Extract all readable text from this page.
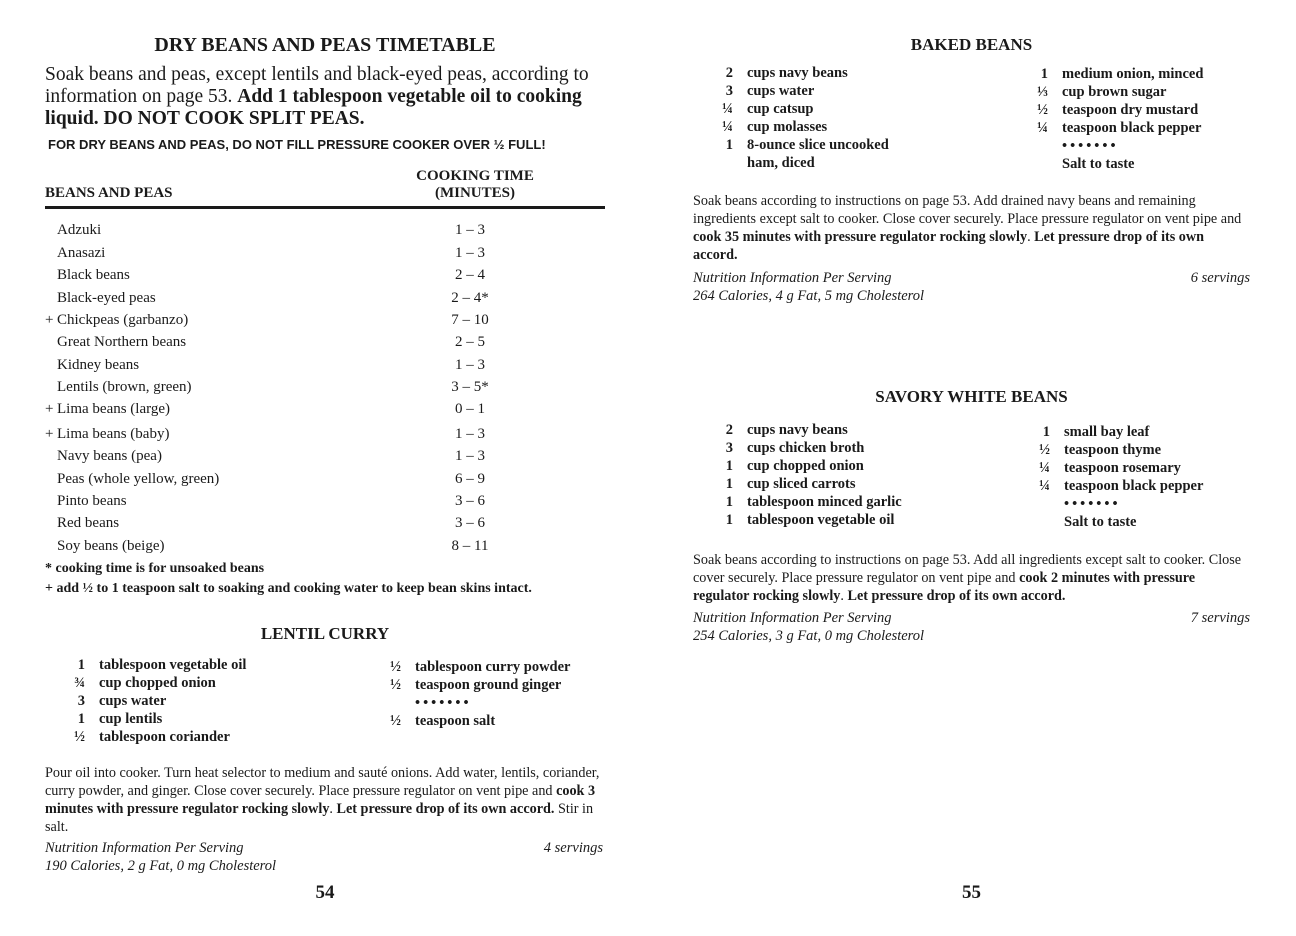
DRY BEANS AND PEAS TIMETABLE
Soak beans and peas, except lentils and black-eyed peas, according to information on page 53. Add 1 tablespoon vegetable oil to cooking liquid. DO NOT COOK SPLIT PEAS.
FOR DRY BEANS AND PEAS, DO NOT FILL PRESSURE COOKER OVER ½ FULL!
BEANS AND PEAS
COOKING TIME
(MINUTES)
Adzuki	1 – 3
Anasazi	1 – 3
Black beans	2 – 4
Black-eyed peas	2 – 4*
+ Chickpeas (garbanzo)	7 – 10
Great Northern beans	2 – 5
Kidney beans	1 – 3
Lentils (brown, green)	3 – 5*
+ Lima beans (large)	0 – 1
+ Lima beans (baby)	1 – 3
Navy beans (pea)	1 – 3
Peas (whole yellow, green)	6 – 9
Pinto beans	3 – 6
Red beans	3 – 6
Soy beans (beige)	8 – 11
* cooking time is for unsoaked beans
+ add ½ to 1 teaspoon salt to soaking and cooking water to keep bean skins intact.
LENTIL CURRY
1 tablespoon vegetable oil
¾ cup chopped onion
3 cups water
1 cup lentils
½ tablespoon coriander
½ tablespoon curry powder
½ teaspoon ground ginger
•••••••
½ teaspoon salt
Pour oil into cooker. Turn heat selector to medium and sauté onions. Add water, lentils, coriander, curry powder, and ginger. Close cover securely. Place pressure regulator on vent pipe and cook 3 minutes with pressure regulator rocking slowly. Let pressure drop of its own accord. Stir in salt.
Nutrition Information Per Serving	4 servings
190 Calories, 2 g Fat, 0 mg Cholesterol
54
BAKED BEANS
2 cups navy beans
3 cups water
¼ cup catsup
¼ cup molasses
1 8-ounce slice uncooked
ham, diced
1 medium onion, minced
⅓ cup brown sugar
½ teaspoon dry mustard
¼ teaspoon black pepper
•••••••
Salt to taste
Soak beans according to instructions on page 53. Add drained navy beans and remaining ingredients except salt to cooker. Close cover securely. Place pressure regulator on vent pipe and cook 35 minutes with pressure regulator rocking slowly. Let pressure drop of its own accord.
Nutrition Information Per Serving	6 servings
264 Calories, 4 g Fat, 5 mg Cholesterol
SAVORY WHITE BEANS
2 cups navy beans
3 cups chicken broth
1 cup chopped onion
1 cup sliced carrots
1 tablespoon minced garlic
1 tablespoon vegetable oil
1 small bay leaf
½ teaspoon thyme
¼ teaspoon rosemary
¼ teaspoon black pepper
•••••••
Salt to taste
Soak beans according to instructions on page 53. Add all ingredients except salt to cooker. Close cover securely. Place pressure regulator on vent pipe and cook 2 minutes with pressure regulator rocking slowly. Let pressure drop of its own accord.
Nutrition Information Per Serving	7 servings
254 Calories, 3 g Fat, 0 mg Cholesterol
55
